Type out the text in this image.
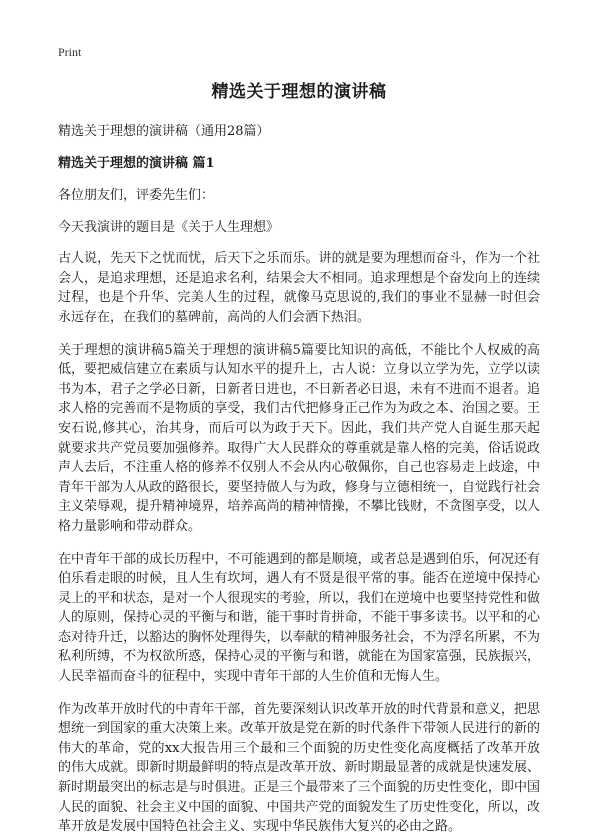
Print
精选关于理想的演讲稿
精选关于理想的演讲稿（通用28篇）
精选关于理想的演讲稿 篇1

各位朋友们，评委先生们：

今天我演讲的题目是《关于人生理想》

古人说，先天下之忧而忧，后天下之乐而乐。讲的就是要为理想而奋斗，作为一个社会人，是追求理想，还是追求名利，结果会大不相同。追求理想是个奋发向上的连续过程，也是个升华、完美人生的过程，就像马克思说的,我们的事业不显赫一时但会永远存在，在我们的墓碑前，高尚的人们会洒下热泪。

关于理想的演讲稿5篇关于理想的演讲稿5篇要比知识的高低，不能比个人权威的高低，要把威信建立在素质与认知水平的提升上，古人说：立身以立学为先，立学以读书为本，君子之学必日新，日新者日进也，不日新者必日退，未有不进而不退者。追求人格的完善而不是物质的享受，我们古代把修身正己作为为政之本、治国之要。王安石说,修其心，治其身，而后可以为政于天下。因此，我们共产党人自诞生那天起就要求共产党员要加强修养。取得广大人民群众的尊重就是靠人格的完美，俗话说政声人去后，不注重人格的修养不仅别人不会从内心敬佩你，自己也容易走上歧途，中青年干部为人从政的路很长，要坚持做人与为政，修身与立德相统一，自觉践行社会主义荣辱观，提升精神境界，培养高尚的精神情操，不攀比钱财，不贪图享受，以人格力量影响和带动群众。

在中青年干部的成长历程中，不可能遇到的都是顺境，或者总是遇到伯乐，何况还有伯乐看走眼的时候，且人生有坎坷，遇人有不贤是很平常的事。能否在逆境中保持心灵上的平和状态，是对一个人很现实的考验，所以，我们在逆境中也要坚持党性和做人的原则，保持心灵的平衡与和谐，能干事时肯拼命，不能干事多读书。以平和的心态对待升迁，以豁达的胸怀处理得失，以奉献的精神服务社会，不为浮名所累，不为私利所缚，不为权欲所惑，保持心灵的平衡与和谐，就能在为国家富强，民族振兴，人民幸福而奋斗的征程中，实现中青年干部的人生价值和无悔人生。

作为改革开放时代的中青年干部，首先要深刻认识改革开放的时代背景和意义，把思想统一到国家的重大决策上来。改革开放是党在新的时代条件下带领人民进行的新的伟大的革命，党的xx大报告用三个最和三个面貌的历史性变化高度概括了改革开放的伟大成就。即新时期最鲜明的特点是改革开放、新时期最显著的成就是快速发展、新时期最突出的标志是与时俱进。正是三个最带来了三个面貌的历史性变化，即中国人民的面貌、社会主义中国的面貌、中国共产党的面貌发生了历史性变化，所以，改革开放是发展中国特色社会主义、实现中华民族伟大复兴的必由之路。
